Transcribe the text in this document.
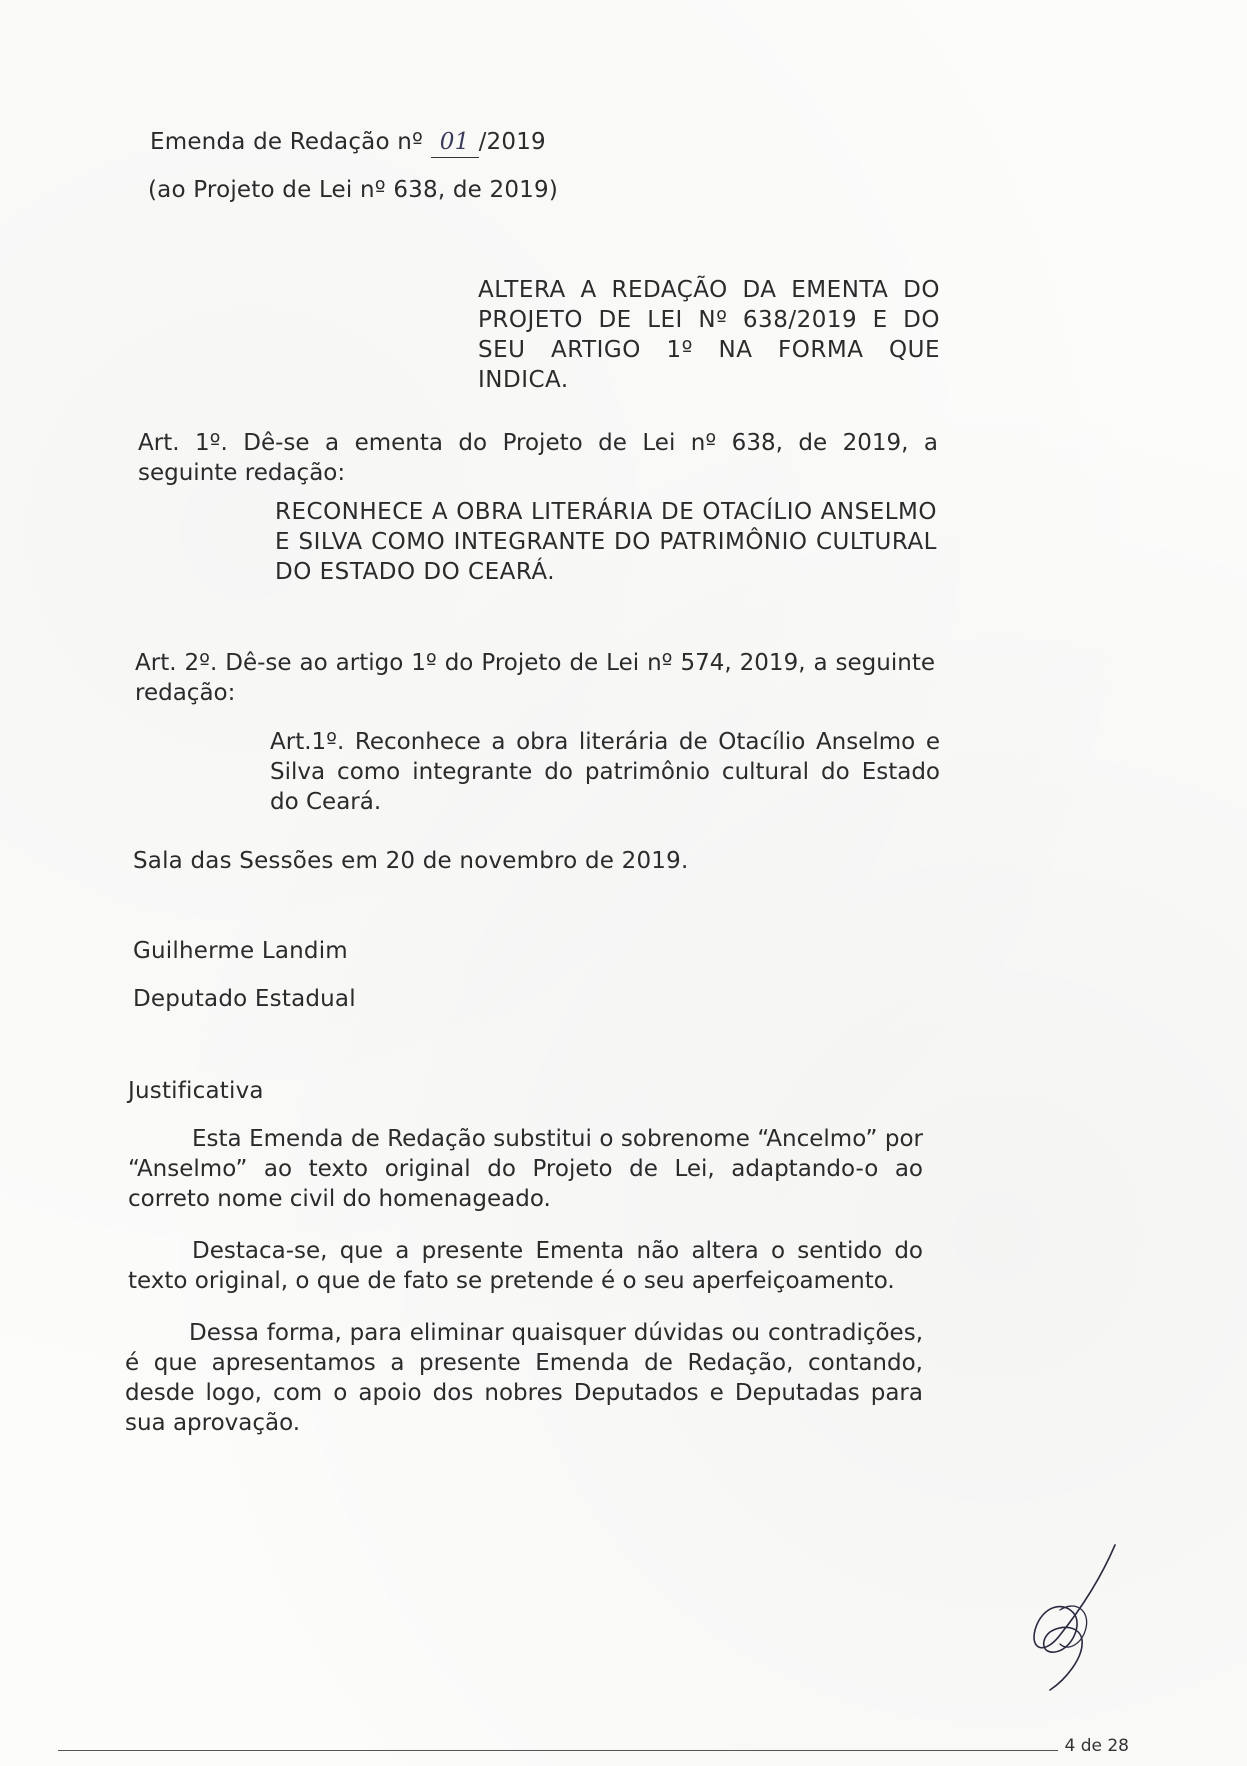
Emenda de Redação nº 01 /2019
(ao Projeto de Lei nº 638, de 2019)
ALTERA A REDAÇÃO DA EMENTA DO PROJETO DE LEI Nº 638/2019 E DO SEU ARTIGO 1º NA FORMA QUE INDICA.
Art. 1º. Dê-se a ementa do Projeto de Lei nº 638, de 2019, a seguinte redação:
RECONHECE A OBRA LITERÁRIA DE OTACÍLIO ANSELMO E SILVA COMO INTEGRANTE DO PATRIMÔNIO CULTURAL DO ESTADO DO CEARÁ.
Art. 2º. Dê-se ao artigo 1º do Projeto de Lei nº 574, 2019, a seguinte redação:
Art.1º. Reconhece a obra literária de Otacílio Anselmo e Silva como integrante do patrimônio cultural do Estado do Ceará.
Sala das Sessões em 20 de novembro de 2019.
Guilherme Landim
Deputado Estadual
Justificativa
Esta Emenda de Redação substitui o sobrenome “Ancelmo” por “Anselmo” ao texto original do Projeto de Lei, adaptando-o ao correto nome civil do homenageado.
Destaca-se, que a presente Ementa não altera o sentido do texto original, o que de fato se pretende é o seu aperfeiçoamento.
Dessa forma, para eliminar quaisquer dúvidas ou contradições, é que apresentamos a presente Emenda de Redação, contando, desde logo, com o apoio dos nobres Deputados e Deputadas para sua aprovação.
4 de 28
